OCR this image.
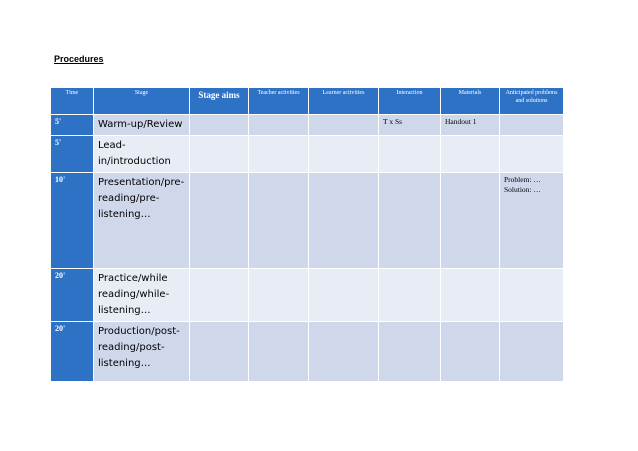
Procedures
Time	Stage	Stage aims	Teacher activities	Learner activities	Interaction	Materials	Anticipated problems and solutions
5'	Warm-up/Review				T x Ss	Handout 1	
5'	Lead-in/introduction						
10'	Presentation/pre-reading/pre-listening…						Problem: …
Solution: …

20'	Practice/while reading/while-listening…						
20'	Production/post-reading/post-listening…						
